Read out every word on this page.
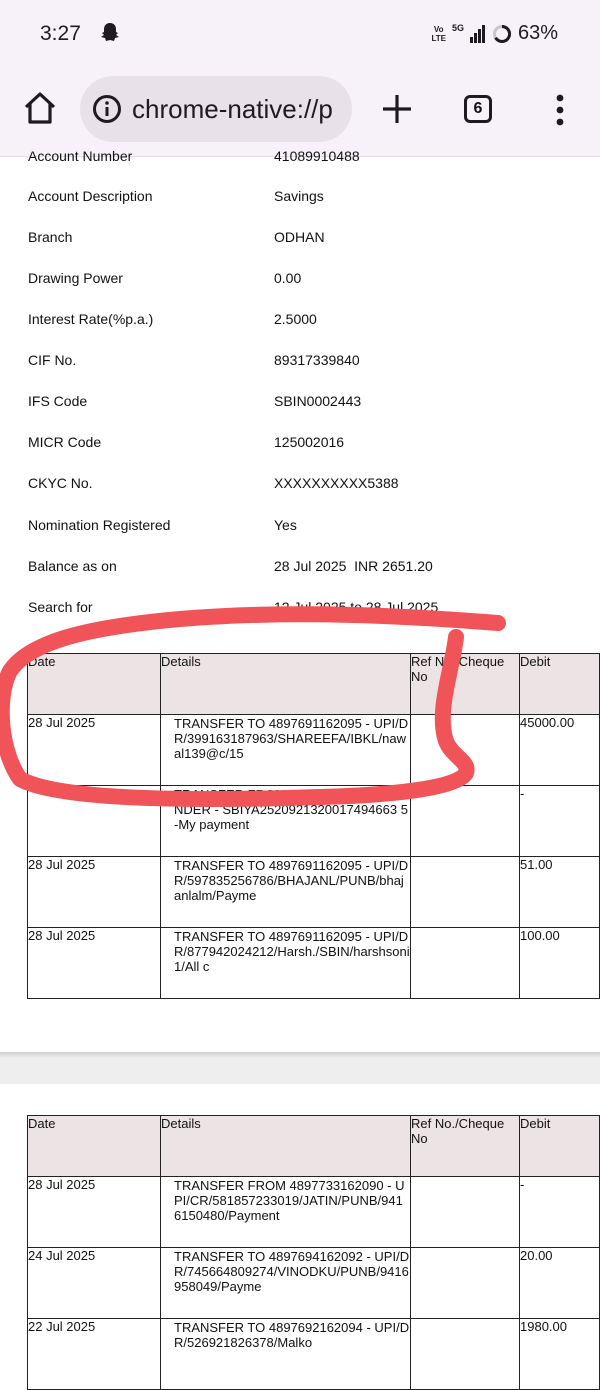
3:27	Vo
LTE
5G	63%
chrome-native://p	6
Account Number	41089910488
Account Description	Savings
Branch	ODHAN
Drawing Power	0.00
Interest Rate(%p.a.)	2.5000
CIF No.	89317339840
IFS Code	SBIN0002443
MICR Code	125002016
CKYC No.	XXXXXXXXXX5388
Nomination Registered	Yes
Balance as on	28 Jul 2025  INR 2651.20
Search for	12 Jul 2025 to 28 Jul 2025
Date	Details	Ref No./Cheque No	Debit
28 Jul 2025	TRANSFER TO 4897691162095 - UPI/DR/399163187963/SHAREEFA/IBKL/nawal139@c/15		45000.00
	TRANSFER FROM DEVENDER DEVENDER - SBIYA2520921320017494663 5-My payment		-
28 Jul 2025	TRANSFER TO 4897691162095 - UPI/DR/597835256786/BHAJANL/PUNB/bhajanlalm/Payme		51.00
28 Jul 2025	TRANSFER TO 4897691162095 - UPI/DR/877942024212/Harsh./SBIN/harshsoni1/All c		100.00
Date	Details	Ref No./Cheque No	Debit
28 Jul 2025	TRANSFER FROM 4897733162090 - UPI/CR/581857233019/JATIN/PUNB/9416150480/Payment		-
24 Jul 2025	TRANSFER TO 4897694162092 - UPI/DR/745664809274/VINODKU/PUNB/9416958049/Payme		20.00
22 Jul 2025	TRANSFER TO 4897692162094 - UPI/DR/526921826378/Malko		1980.00
